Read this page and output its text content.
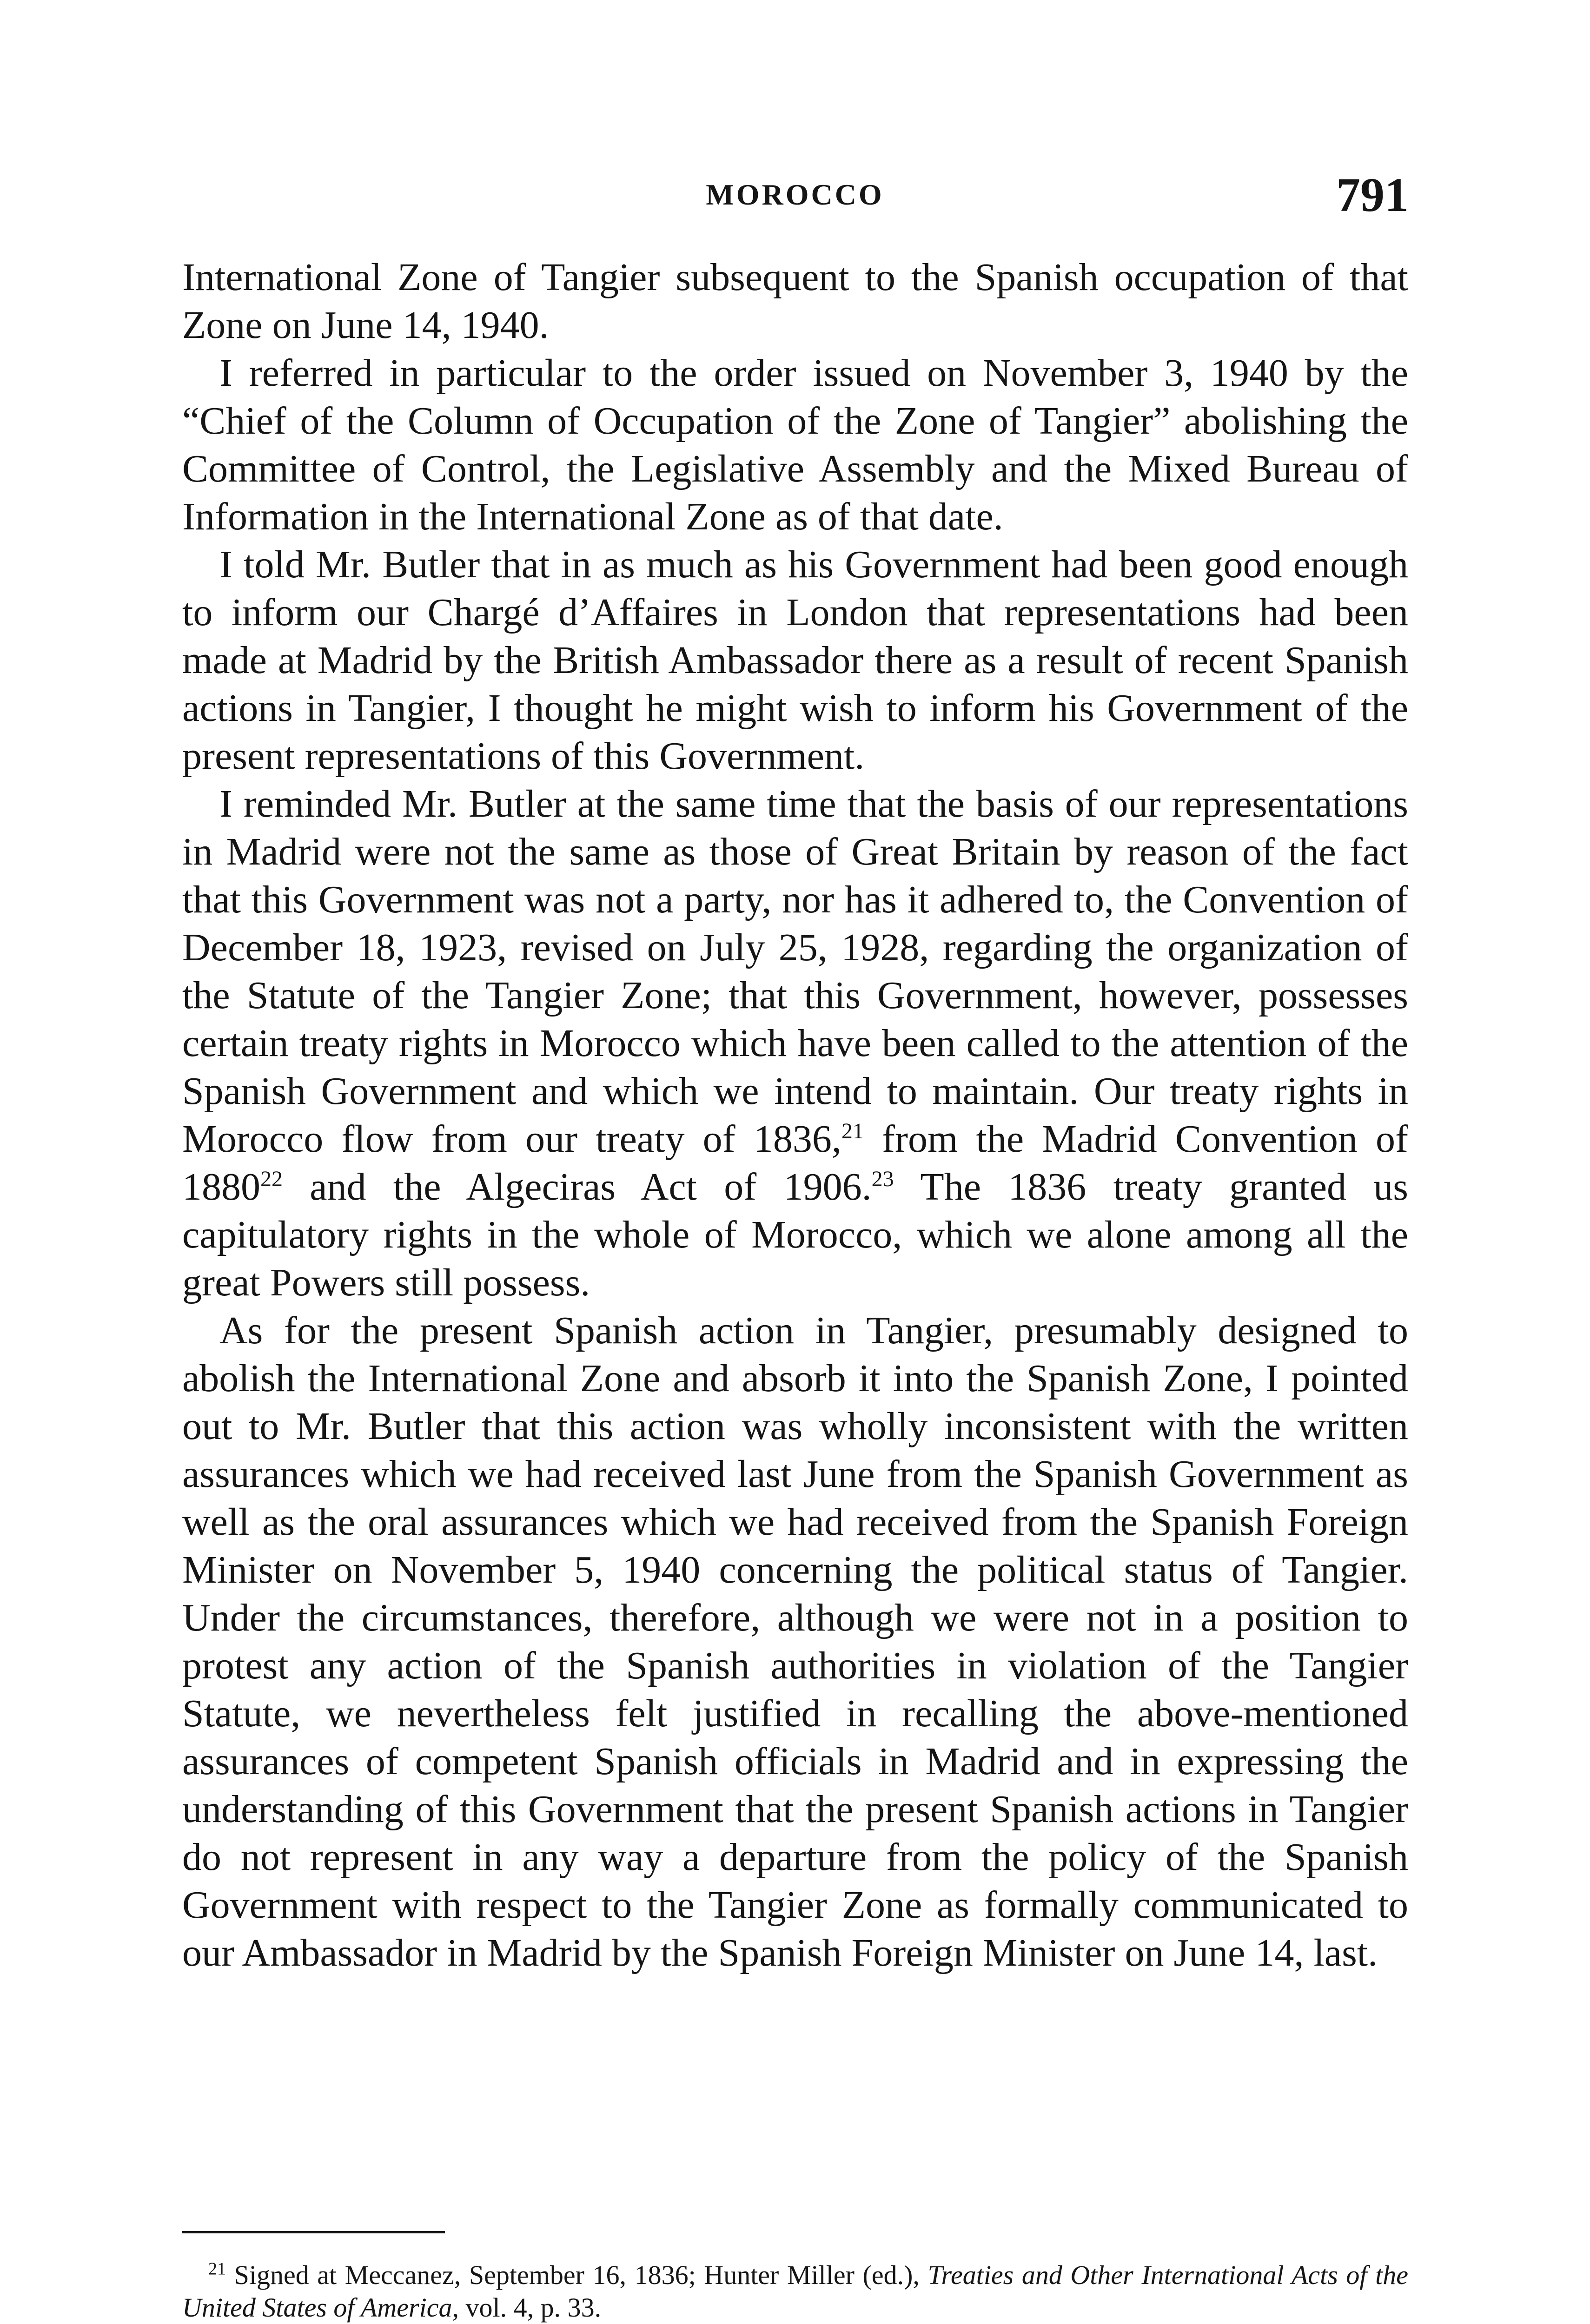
MOROCCO	791

International Zone of Tangier subsequent to the Spanish occupation of that Zone on June 14, 1940.

I referred in particular to the order issued on November 3, 1940 by the “Chief of the Column of Occupation of the Zone of Tangier” abolishing the Committee of Control, the Legislative Assembly and the Mixed Bureau of Information in the International Zone as of that date.

I told Mr. Butler that in as much as his Government had been good enough to inform our Chargé d’Affaires in London that representations had been made at Madrid by the British Ambassador there as a result of recent Spanish actions in Tangier, I thought he might wish to inform his Government of the present representations of this Government.

I reminded Mr. Butler at the same time that the basis of our representations in Madrid were not the same as those of Great Britain by reason of the fact that this Government was not a party, nor has it adhered to, the Convention of December 18, 1923, revised on July 25, 1928, regarding the organization of the Statute of the Tangier Zone; that this Government, however, possesses certain treaty rights in Morocco which have been called to the attention of the Spanish Government and which we intend to maintain. Our treaty rights in Morocco flow from our treaty of 1836,21 from the Madrid Convention of 1880$^{22}$ and the Algeciras Act of 1906.23 The 1836 treaty granted us capitulatory rights in the whole of Morocco, which we alone among all the great Powers still possess.

As for the present Spanish action in Tangier, presumably designed to abolish the International Zone and absorb it into the Spanish Zone, I pointed out to Mr. Butler that this action was wholly inconsistent with the written assurances which we had received last June from the Spanish Government as well as the oral assurances which we had received from the Spanish Foreign Minister on November 5, 1940 concerning the political status of Tangier. Under the circumstances, therefore, although we were not in a position to protest any action of the Spanish authorities in violation of the Tangier Statute, we nevertheless felt justified in recalling the above-mentioned assurances of competent Spanish officials in Madrid and in expressing the understanding of this Government that the present Spanish actions in Tangier do not represent in any way a departure from the policy of the Spanish Government with respect to the Tangier Zone as formally communicated to our Ambassador in Madrid by the Spanish Foreign Minister on June 14, last.

$^{21}$ Signed at Meccanez, September 16, 1836; Hunter Miller (ed.), Treaties and Other International Acts of the United States of America, vol. 4, p. 33.
